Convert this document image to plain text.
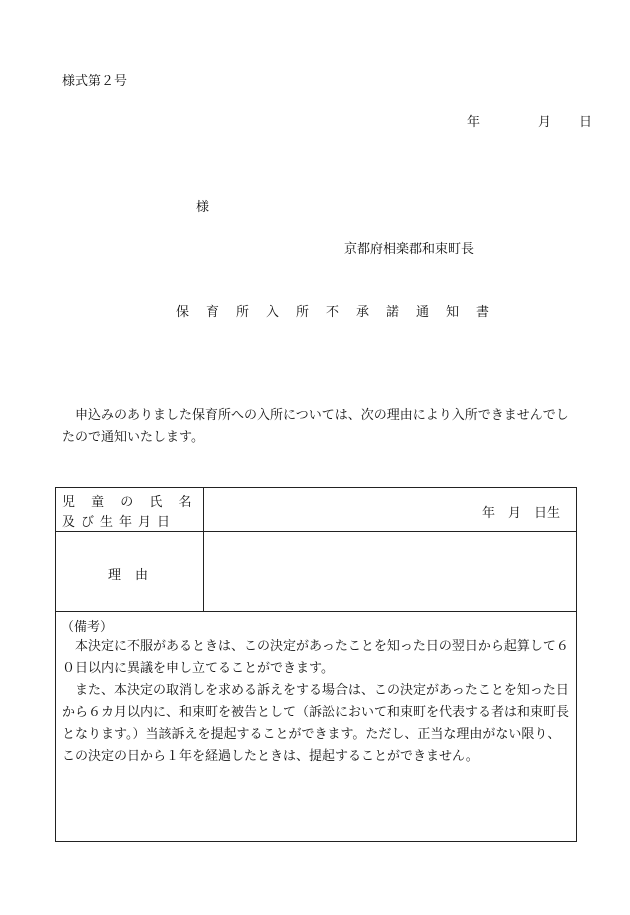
様式第２号
年	月 日
様
京都府相楽郡和束町長
保育所入所不承諾通知書
申込みのありました保育所への入所については、次の理由により入所できませんでしたので通知いたします。
児 童 の 氏 名
及び生年月日
年　月　日生
理由
（備考）

本決定に不服があるときは、この決定があったことを知った日の翌日から起算して６０日以内に異議を申し立てることができます。

また、本決定の取消しを求める訴えをする場合は、この決定があったことを知った日から６カ月以内に、和束町を被告として（訴訟において和束町を代表する者は和束町長となります。）当該訴えを提起することができます。ただし、正当な理由がない限り、この決定の日から１年を経過したときは、提起することができません。
